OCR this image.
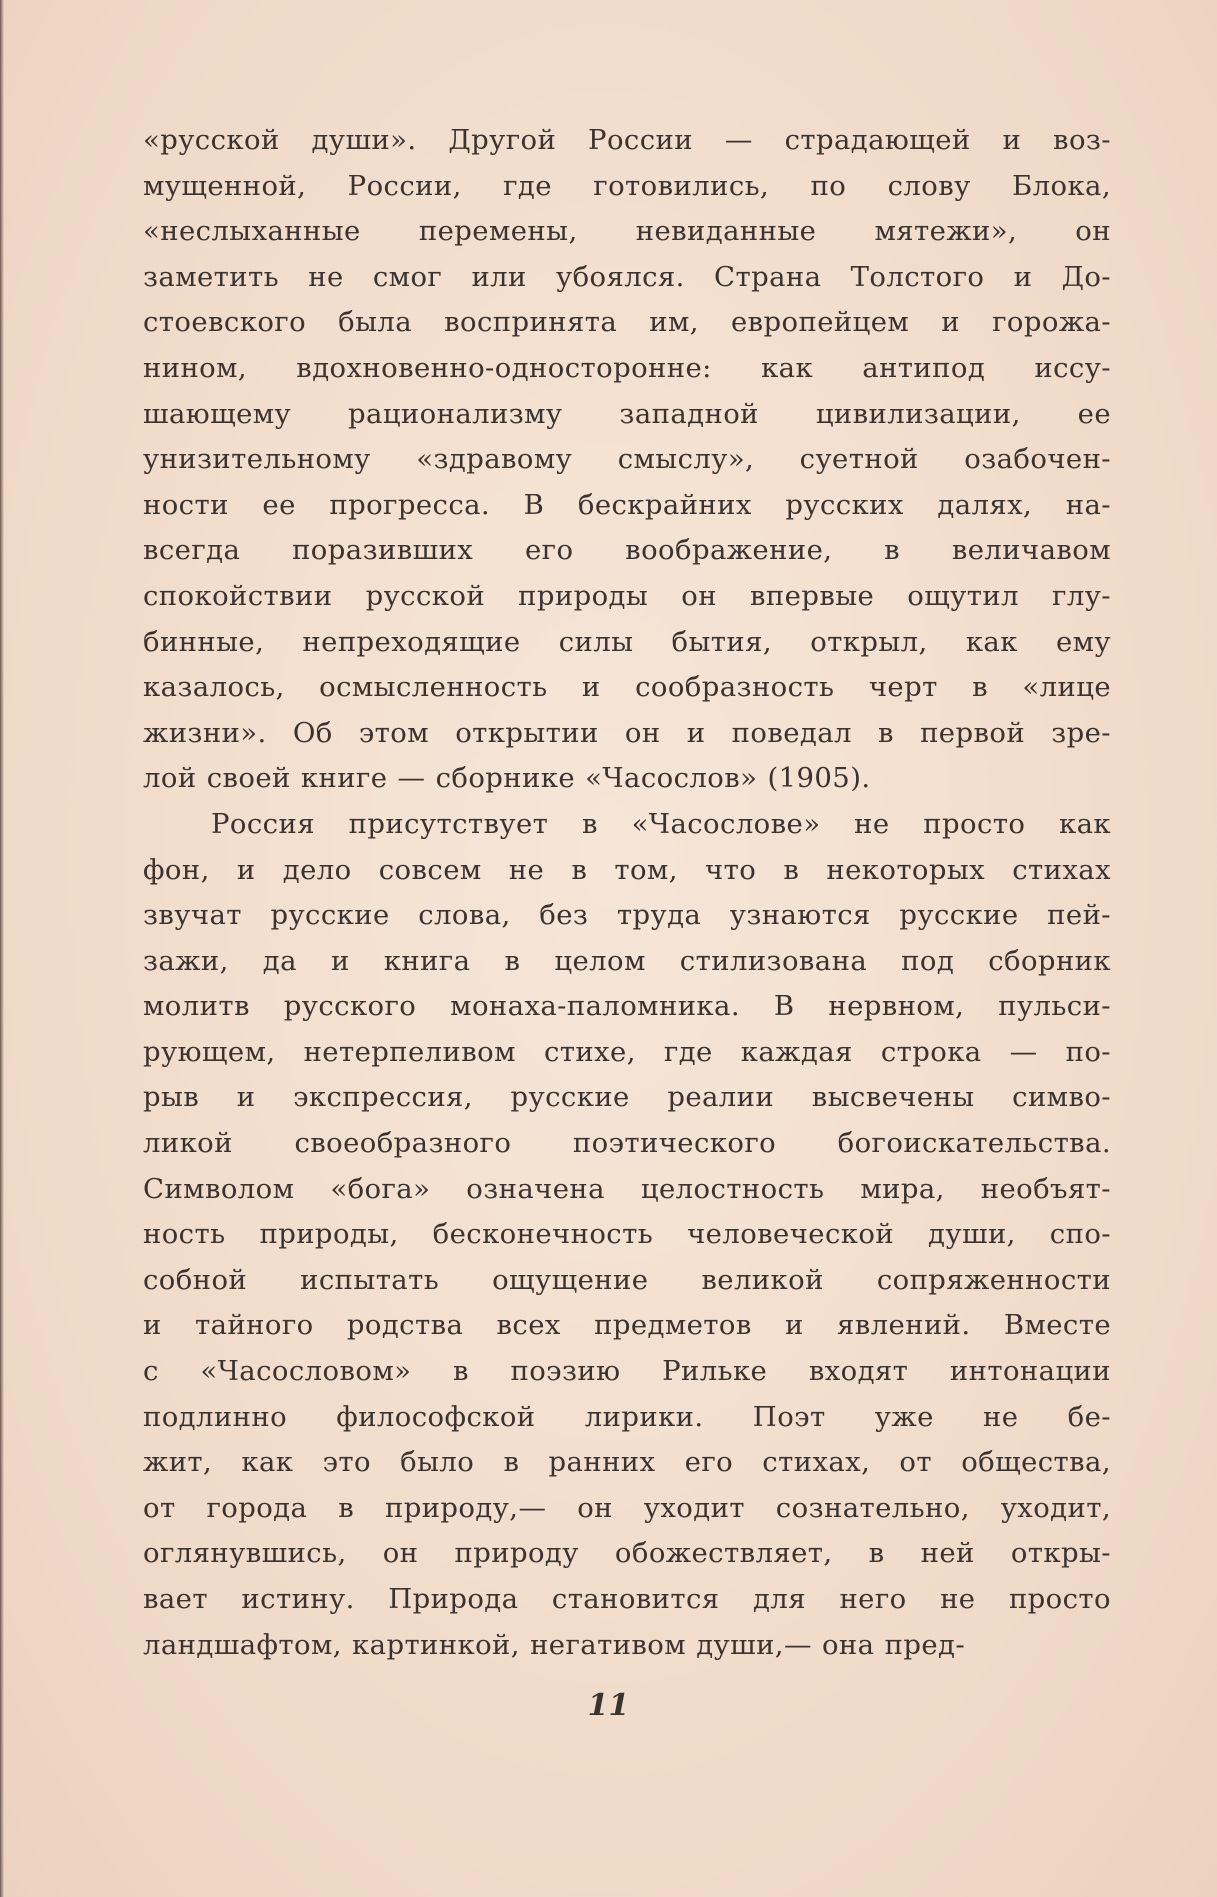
«русской души». Другой России — страдающей и воз-
мущенной, России, где готовились, по слову Блока,
«неслыханные перемены, невиданные мятежи», он
заметить не смог или убоялся. Страна Толстого и До-
стоевского была воспринята им, европейцем и горожа-
нином, вдохновенно-односторонне: как антипод иссу-
шающему рационализму западной цивилизации, ее
унизительному «здравому смыслу», суетной озабочен-
ности ее прогресса. В бескрайних русских далях, на-
всегда поразивших его воображение, в величавом
спокойствии русской природы он впервые ощутил глу-
бинные, непреходящие силы бытия, открыл, как ему
казалось, осмысленность и сообразность черт в «лице
жизни». Об этом открытии он и поведал в первой зре-
лой своей книге — сборнике «Часослов» (1905).
Россия присутствует в «Часослове» не просто как
фон, и дело совсем не в том, что в некоторых стихах
звучат русские слова, без труда узнаются русские пей-
зажи, да и книга в целом стилизована под сборник
молитв русского монаха-паломника. В нервном, пульси-
рующем, нетерпеливом стихе, где каждая строка — по-
рыв и экспрессия, русские реалии высвечены симво-
ликой своеобразного поэтического богоискательства.
Символом «бога» означена целостность мира, необъят-
ность природы, бесконечность человеческой души, спо-
собной испытать ощущение великой сопряженности
и тайного родства всех предметов и явлений. Вместе
с «Часословом» в поэзию Рильке входят интонации
подлинно философской лирики. Поэт уже не бе-
жит, как это было в ранних его стихах, от общества,
от города в природу,— он уходит сознательно, уходит,
оглянувшись, он природу обожествляет, в ней откры-
вает истину. Природа становится для него не просто
ландшафтом, картинкой, негативом души,— она пред-
11
